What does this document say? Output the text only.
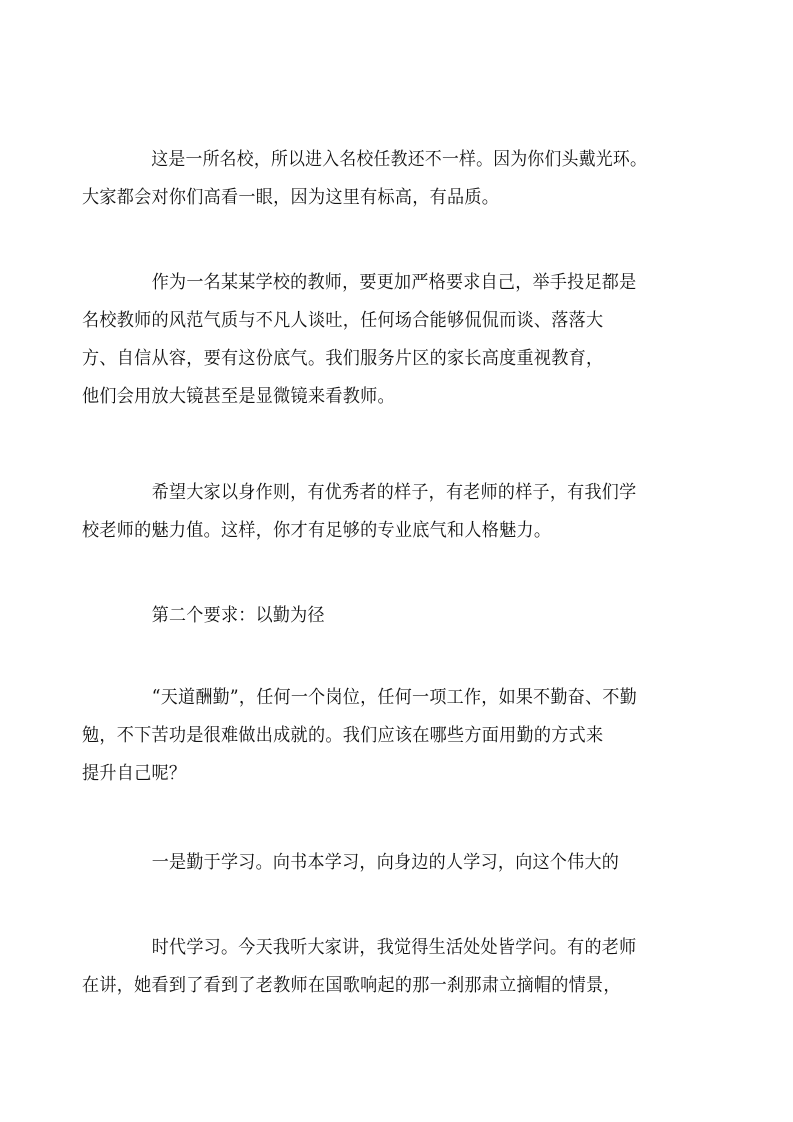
这是一所名校，所以进入名校任教还不一样。因为你们头戴光环。
大家都会对你们高看一眼，因为这里有标高，有品质。

作为一名某某学校的教师，要更加严格要求自己，举手投足都是
名校教师的风范气质与不凡人谈吐，任何场合能够侃侃而谈、落落大
方、自信从容，要有这份底气。我们服务片区的家长高度重视教育，
他们会用放大镜甚至是显微镜来看教师。

希望大家以身作则，有优秀者的样子，有老师的样子，有我们学
校老师的魅力值。这样，你才有足够的专业底气和人格魅力。

第二个要求：以勤为径

“天道酬勤”，任何一个岗位，任何一项工作，如果不勤奋、不勤
勉，不下苦功是很难做出成就的。我们应该在哪些方面用勤的方式来
提升自己呢？

一是勤于学习。向书本学习，向身边的人学习，向这个伟大的

时代学习。今天我听大家讲，我觉得生活处处皆学问。有的老师
在讲，她看到了看到了老教师在国歌响起的那一刹那肃立摘帽的情景，
